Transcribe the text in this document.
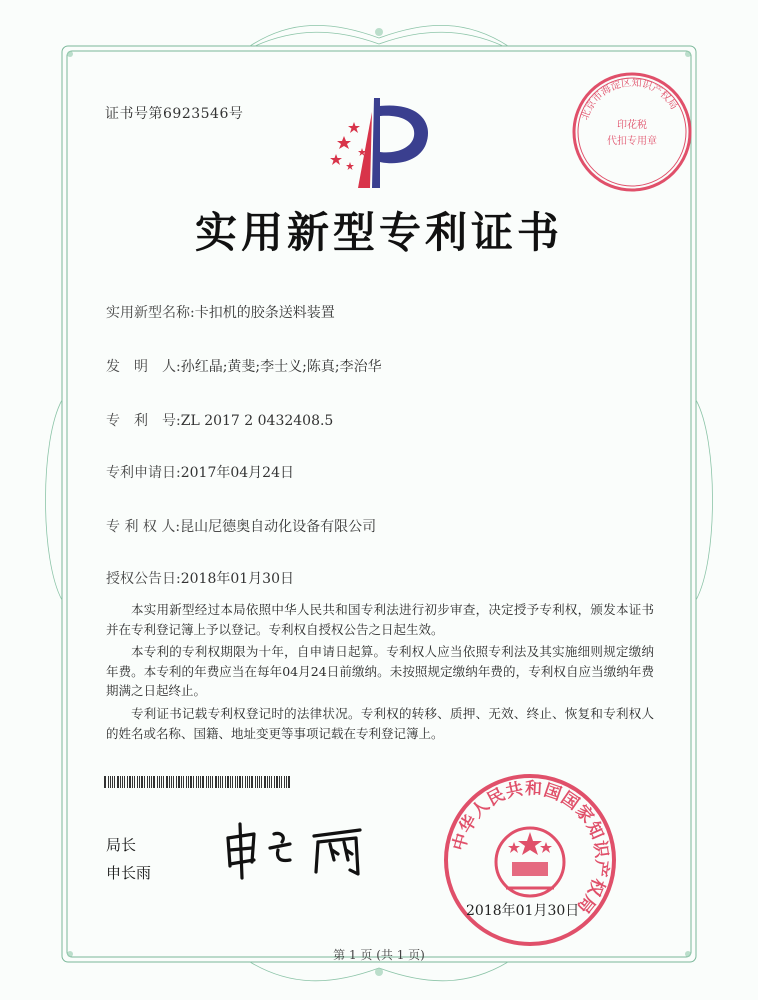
证书号第6923546号	北京市海淀区知识产权局
印花税
代扣专用章
实用新型专利证书
实用新型名称:卡扣机的胶条送料装置
发　明　人:孙红晶;黄斐;李士义;陈真;李治华
专　利　号:ZL 2017 2 0432408.5
专利申请日:2017年04月24日
专 利 权 人:昆山尼德奥自动化设备有限公司
授权公告日:2018年01月30日
本实用新型经过本局依照中华人民共和国专利法进行初步审查，决定授予专利权，颁发本证书并在专利登记簿上予以登记。专利权自授权公告之日起生效。
本专利的专利权期限为十年，自申请日起算。专利权人应当依照专利法及其实施细则规定缴纳年费。本专利的年费应当在每年04月24日前缴纳。未按照规定缴纳年费的，专利权自应当缴纳年费期满之日起终止。
专利证书记载专利权登记时的法律状况。专利权的转移、质押、无效、终止、恢复和专利权人的姓名或名称、国籍、地址变更等事项记载在专利登记簿上。
局长
申长雨
中华人民共和国国家知识产权局
2018年01月30日
第 1 页 (共 1 页)
